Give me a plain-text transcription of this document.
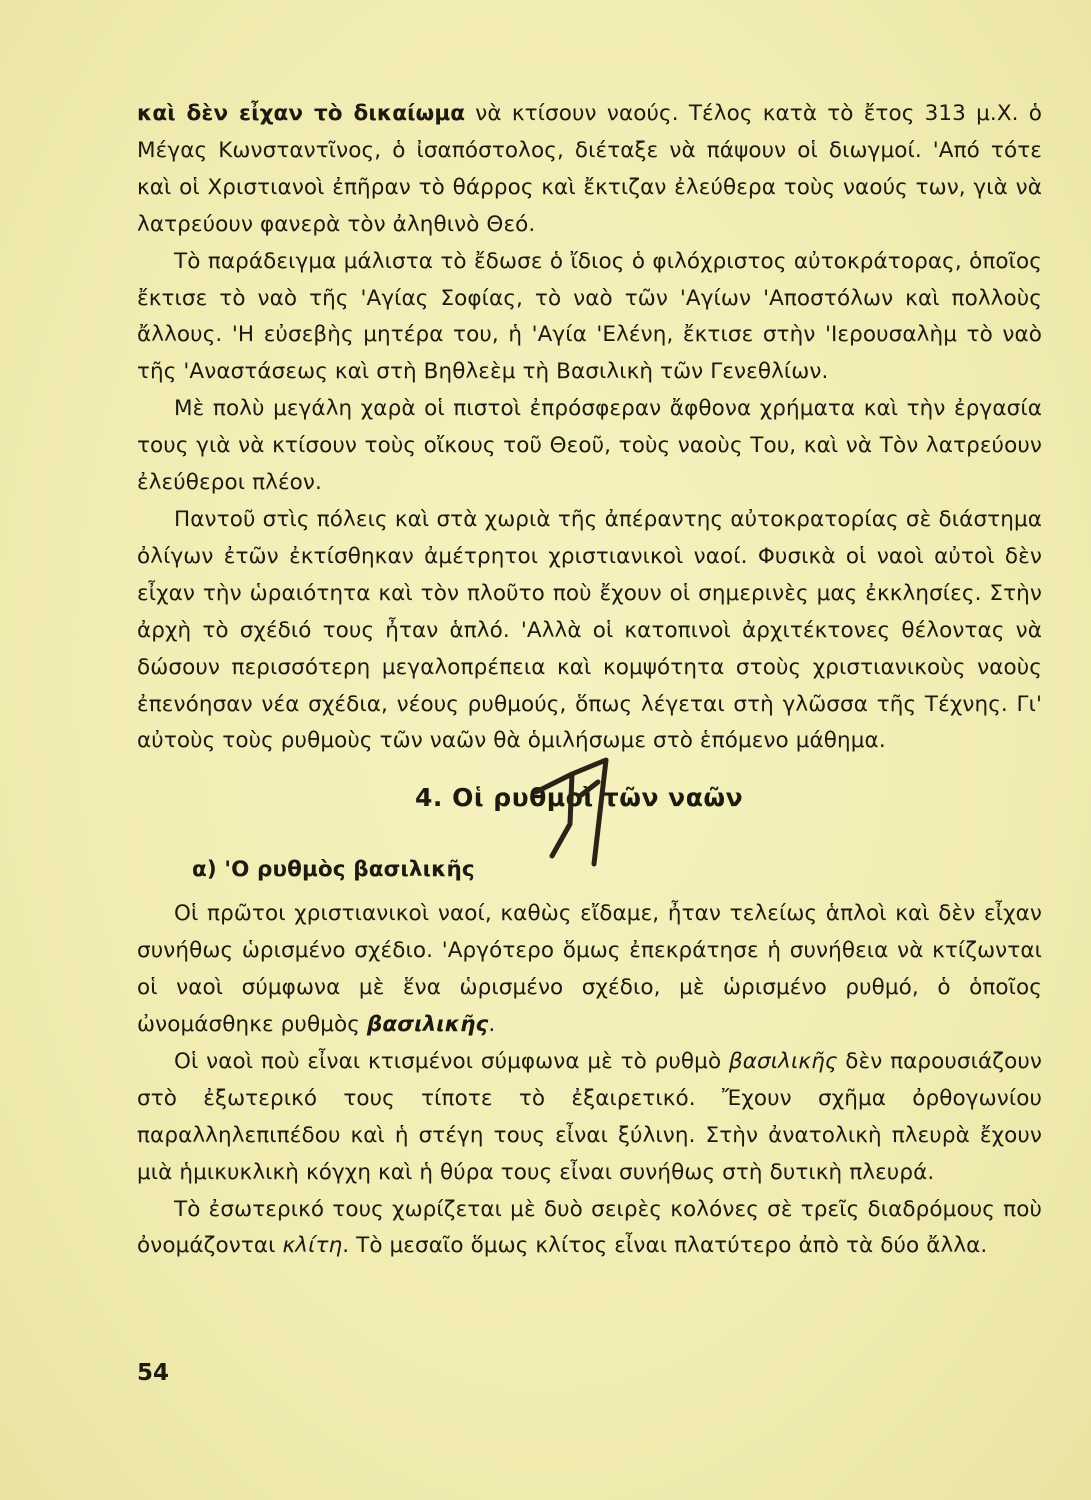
καὶ δὲν εἶχαν τὸ δικαίωμα νὰ κτίσουν ναούς. Τέλος κατὰ τὸ ἔτος 313 μ.Χ. ὁ Μέγας Κωνσταντῖνος, ὁ ἰσαπόστολος, διέταξε νὰ πάψουν οἱ διωγμοί. 'Από τότε καὶ οἱ Χριστιανοὶ ἐπῆραν τὸ θάρρος καὶ ἔκτιζαν ἐλεύθερα τοὺς ναούς των, γιὰ νὰ λατρεύουν φανερὰ τὸν ἀληθινὸ Θεό.

Τὸ παράδειγμα μάλιστα τὸ ἔδωσε ὁ ἴδιος ὁ φιλόχριστος αὐτοκράτορας, ὁποῖος ἔκτισε τὸ ναὸ τῆς 'Αγίας Σοφίας, τὸ ναὸ τῶν 'Αγίων 'Αποστόλων καὶ πολλοὺς ἄλλους. 'Η εὐσεβὴς μητέρα του, ἡ 'Αγία 'Ελένη, ἔκτισε στὴν 'Ιερουσαλὴμ τὸ ναὸ τῆς 'Αναστάσεως καὶ στὴ Βηθλεὲμ τὴ Βασιλικὴ τῶν Γενεθλίων.

Μὲ πολὺ μεγάλη χαρὰ οἱ πιστοὶ ἐπρόσφεραν ἄφθονα χρήματα καὶ τὴν ἐργασία τους γιὰ νὰ κτίσουν τοὺς οἴκους τοῦ Θεοῦ, τοὺς ναοὺς Του, καὶ νὰ Τὸν λατρεύουν ἐλεύθεροι πλέον.

Παντοῦ στὶς πόλεις καὶ στὰ χωριὰ τῆς ἀπέραντης αὐτοκρατορίας σὲ διάστημα ὀλίγων ἐτῶν ἐκτίσθηκαν ἀμέτρητοι χριστιανικοὶ ναοί. Φυσικὰ οἱ ναοὶ αὐτοὶ δὲν εἶχαν τὴν ὡραιότητα καὶ τὸν πλοῦτο ποὺ ἔχουν οἱ σημερινὲς μας ἐκκλησίες. Στὴν ἀρχὴ τὸ σχέδιό τους ἦταν ἁπλό. 'Αλλὰ οἱ κατοπινοὶ ἀρχιτέκτονες θέλοντας νὰ δώσουν περισσότερη μεγαλοπρέπεια καὶ κομψότητα στοὺς χριστιανικοὺς ναοὺς ἐπενόησαν νέα σχέδια, νέους ρυθμούς, ὅπως λέγεται στὴ γλῶσσα τῆς Τέχνης. Γι' αὐτοὺς τοὺς ρυθμοὺς τῶν ναῶν θὰ ὁμιλήσωμε στὸ ἑπόμενο μάθημα.

4. Οἱ ρυθμοὶ τῶν ναῶν

α) 'Ο ρυθμὸς βασιλικῆς

Οἱ πρῶτοι χριστιανικοὶ ναοί, καθὼς εἴδαμε, ἦταν τελείως ἁπλοὶ καὶ δὲν εἶχαν συνήθως ὡρισμένο σχέδιο. 'Αργότερο ὅμως ἐπεκράτησε ἡ συνήθεια νὰ κτίζωνται οἱ ναοὶ σύμφωνα μὲ ἕνα ὡρισμένο σχέδιο, μὲ ὡρισμένο ρυθμό, ὁ ὁποῖος ὠνομάσθηκε ρυθμὸς βασιλικῆς.

Οἱ ναοὶ ποὺ εἶναι κτισμένοι σύμφωνα μὲ τὸ ρυθμὸ βασιλικῆς δὲν παρουσιάζουν στὸ ἐξωτερικό τους τίποτε τὸ ἐξαιρετικό. Ἔχουν σχῆμα ὀρθογωνίου παραλληλεπιπέδου καὶ ἡ στέγη τους εἶναι ξύλινη. Στὴν ἀνατολικὴ πλευρὰ ἔχουν μιὰ ἡμικυκλικὴ κόγχη καὶ ἡ θύρα τους εἶναι συνήθως στὴ δυτικὴ πλευρά.

Τὸ ἐσωτερικό τους χωρίζεται μὲ δυὸ σειρὲς κολόνες σὲ τρεῖς διαδρόμους ποὺ ὀνομάζονται κλίτη. Τὸ μεσαῖο ὅμως κλίτος εἶναι πλατύτερο ἀπὸ τὰ δύο ἄλλα.

54
